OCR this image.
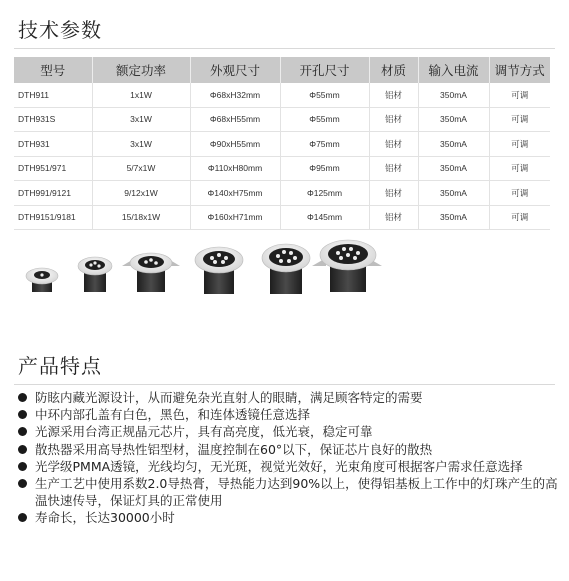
技术参数
型号	额定功率	外观尺寸	开孔尺寸	材质	输入电流	调节方式
DTH911	1x1W	Φ68xH32mm	Φ55mm	铝材	350mA	可调
DTH931S	3x1W	Φ68xH55mm	Φ55mm	铝材	350mA	可调
DTH931	3x1W	Φ90xH55mm	Φ75mm	铝材	350mA	可调
DTH951/971	5/7x1W	Φ110xH80mm	Φ95mm	铝材	350mA	可调
DTH991/9121	9/12x1W	Φ140xH75mm	Φ125mm	铝材	350mA	可调
DTH9151/9181	15/18x1W	Φ160xH71mm	Φ145mm	铝材	350mA	可调
产品特点
防眩内藏光源设计，从而避免杂光直射人的眼睛，满足顾客特定的需要
中环内部孔盖有白色，黑色，和连体透镜任意选择
光源采用台湾正规晶元芯片，具有高亮度，低光衰，稳定可靠
散热器采用高导热性铝型材，温度控制在60°以下，保证芯片良好的散热
光学级PMMA透镜，光线均匀，无光斑，视觉光效好，光束角度可根据客户需求任意选择
生产工艺中使用系数2.0导热膏，导热能力达到90%以上，使得铝基板上工作中的灯珠产生的高温快速传导，保证灯具的正常使用
寿命长，长达30000小时
